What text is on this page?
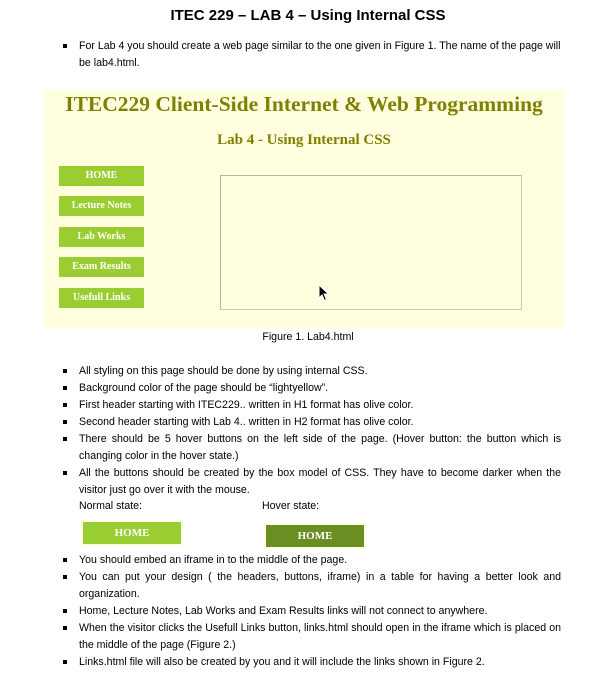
ITEC 229 – LAB 4 – Using Internal CSS
For Lab 4 you should create a web page similar to the one given in Figure 1. The name of the page will be lab4.html.
ITEC229 Client-Side Internet & Web Programming
Lab 4 - Using Internal CSS
HOME
Lecture Notes
Lab Works
Exam Results
Usefull Links
Figure 1. Lab4.html
All styling on this page should be done by using internal CSS.
Background color of the page should be “lightyellow”.
First header starting with ITEC229.. written in H1 format has olive color.
Second header starting with Lab 4.. written in H2 format has olive color.
There should be 5 hover buttons on the left side of the page. (Hover button: the button which is changing color in the hover state.)
All the buttons should be created by the box model of CSS. They have to become darker when the visitor just go over it with the mouse.
Normal state:	Hover state:
HOME	HOME
You should embed an iframe in to the middle of the page.
You can put your design ( the headers, buttons, iframe) in a table for having a better look and organization.
Home, Lecture Notes, Lab Works and Exam Results links will not connect to anywhere.
When the visitor clicks the Usefull Links button, links.html should open in the iframe which is placed on the middle of the page (Figure 2.)
Links.html file will also be created by you and it will include the links shown in Figure 2.
